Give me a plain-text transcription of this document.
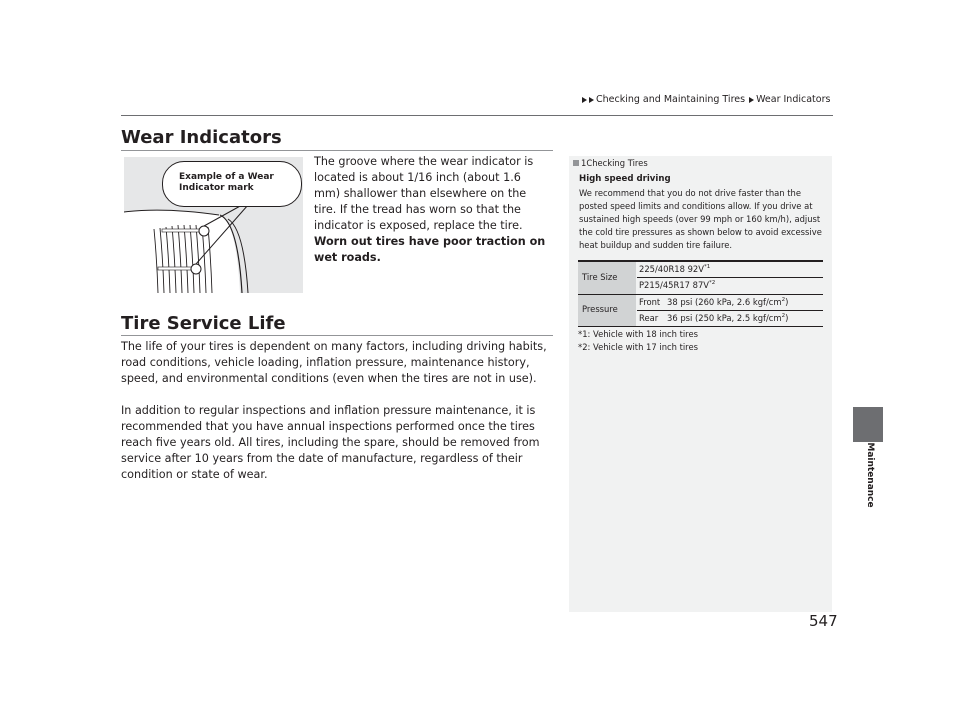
Checking and Maintaining Tires Wear Indicators
Wear Indicators
Example of a Wear
Indicator mark
The groove where the wear indicator is located is about 1/16 inch (about 1.6 mm) shallower than elsewhere on the tire. If the tread has worn so that the indicator is exposed, replace the tire. Worn out tires have poor traction on wet roads.
Tire Service Life
The life of your tires is dependent on many factors, including driving habits, road conditions, vehicle loading, inflation pressure, maintenance history, speed, and environmental conditions (even when the tires are not in use).
In addition to regular inspections and inflation pressure maintenance, it is recommended that you have annual inspections performed once the tires reach five years old. All tires, including the spare, should be removed from service after 10 years from the date of manufacture, regardless of their condition or state of wear.
1 Checking Tires
High speed driving
We recommend that you do not drive faster than the posted speed limits and conditions allow. If you drive at sustained high speeds (over 99 mph or 160 km/h), adjust the cold tire pressures as shown below to avoid excessive heat buildup and sudden tire failure.
Tire Size
Pressure
225/40R18 $92V^{*1}$
P215/45R17 $87V^{*2}$
Front 38 psi (260 kPa, 2.6 kgf/$cm^2$)
Rear 36 psi (250 kPa, 2.5 kgf/$cm^2$)
*1: Vehicle with 18 inch tires
*2: Vehicle with 17 inch tires
Maintenance
547
